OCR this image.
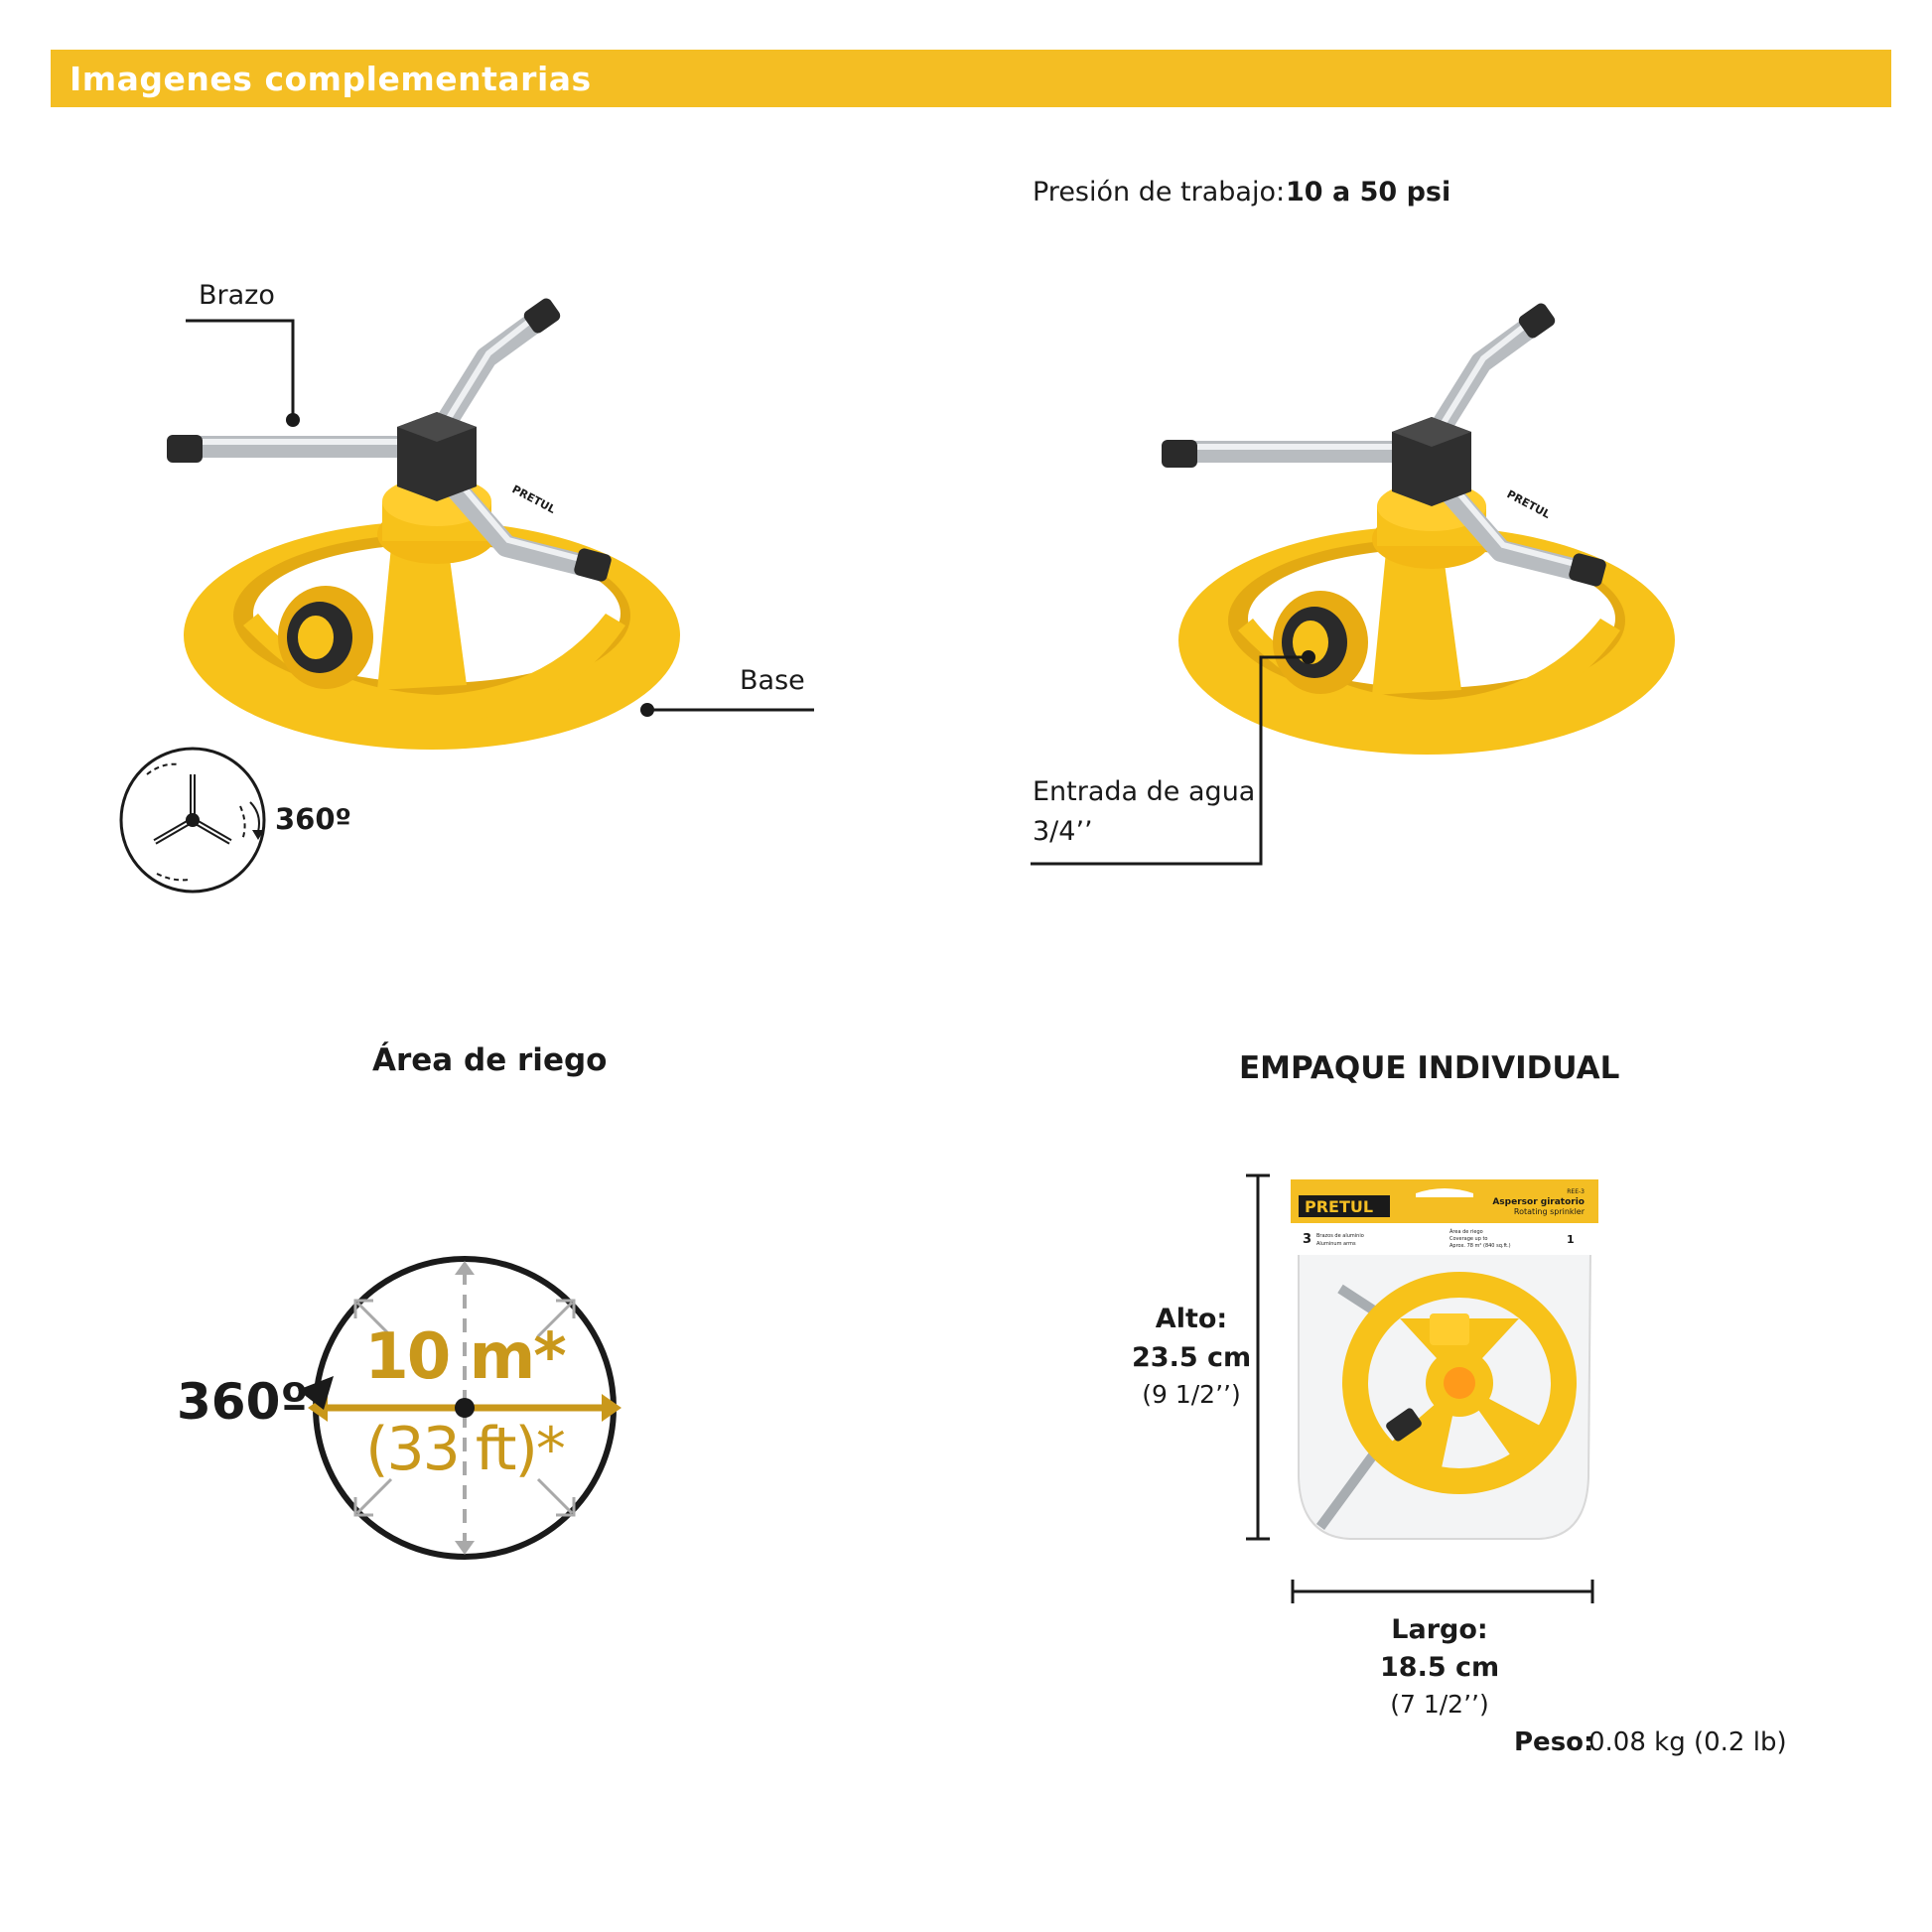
Imagenes complementarias
PRETUL
Brazo
Base
360º
Presión de trabajo: 10 a 50 psi
PRETUL
Entrada de agua
3/4’’
Área de riego
10 m*
(33 ft)*
360º
EMPAQUE INDIVIDUAL
Alto:
23.5 cm
(9 1/2’’)
PRETUL
REE-3
Aspersor giratorio
Rotating sprinkler
3 Brazos de aluminio
Aluminum arms
Área de riego
Coverage up to
Aprox. 78 m² (840 sq.ft.)	1
Largo:
18.5 cm
(7 1/2’’)
Peso:
0.08 kg (0.2 lb)
